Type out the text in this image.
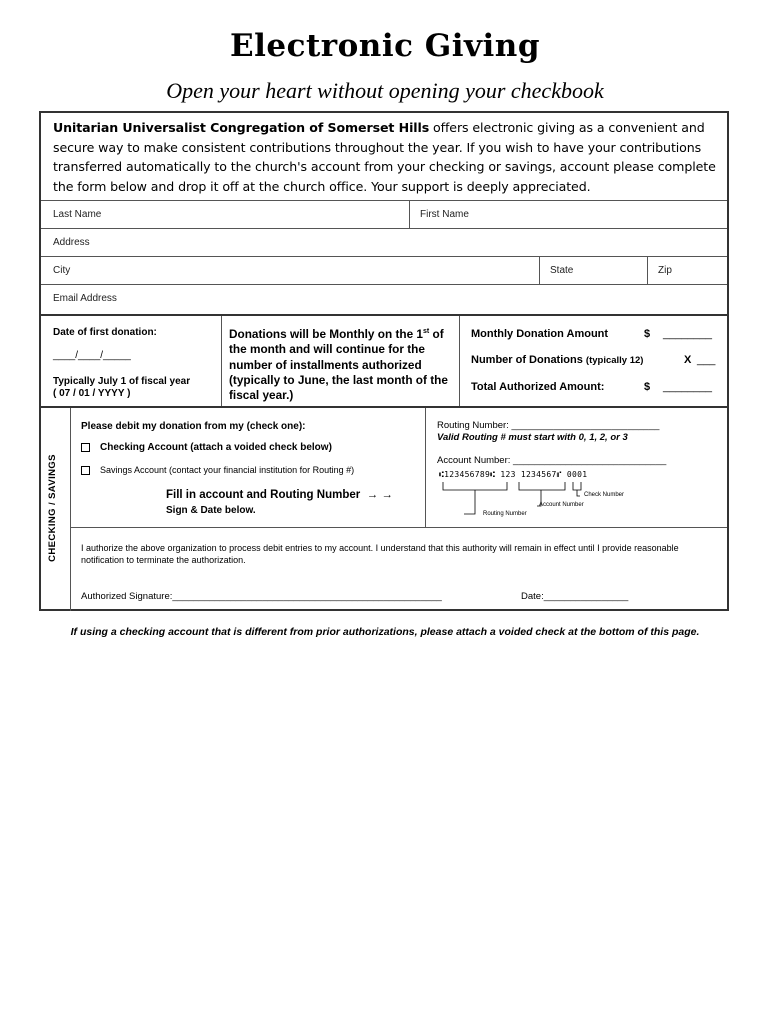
Electronic Giving
Open your heart without opening your checkbook
Unitarian Universalist Congregation of Somerset Hills offers electronic giving as a convenient and secure way to make consistent contributions throughout the year. If you wish to have your contributions transferred automatically to the church's account from your checking or savings, account please complete the form below and drop it off at the church office. Your support is deeply appreciated.
Last Name	First Name
Address
City	State	Zip
Email Address
Date of first donation:
____/____/_____
Typically July 1 of fiscal year
( 07 / 01 / YYYY )
Donations will be Monthly on the 1st of the month and will continue for the number of installments authorized (typically to June, the last month of the fiscal year.)
Monthly Donation Amount	$ ________
Number of Donations (typically 12)	X ___
Total Authorized Amount:	$ ________
CHECKING / SAVINGS
Please debit my donation from my (check one):
Checking Account (attach a voided check below)
Savings Account (contact your financial institution for Routing #)
Fill in account and Routing Number → →
Sign & Date below.
Routing Number: ____________________________
Valid Routing # must start with 0, 1, 2, or 3
Account Number: _____________________________
⑆123456789⑆ 123 1234567⑈ 0001
Check Number
Account Number
Routing Number
I authorize the above organization to process debit entries to my account. I understand that this authority will remain in effect until I provide reasonable notification to terminate the authorization.
Authorized Signature:___________________________________________________	Date:________________
If using a checking account that is different from prior authorizations, please attach a voided check at the bottom of this page.
